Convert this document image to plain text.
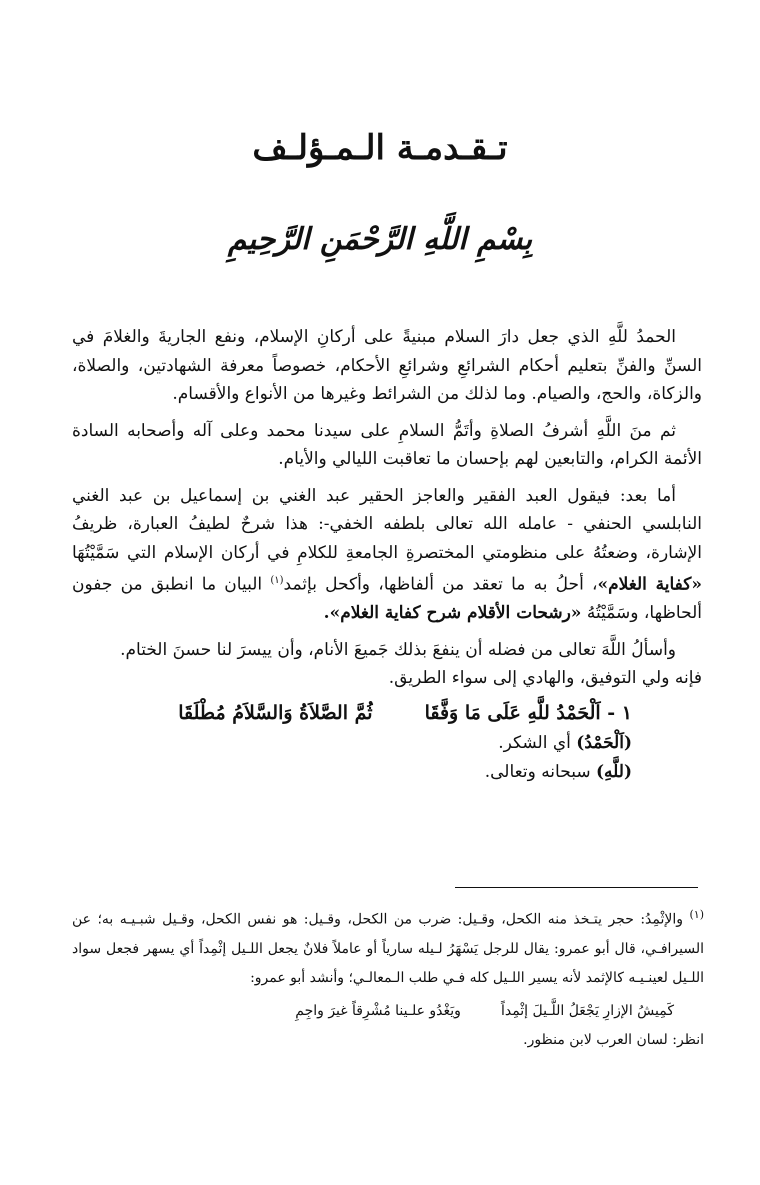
تـقـدمـة الـمـؤلـف
بِسْمِ اللَّهِ الرَّحْمَنِ الرَّحِيمِ

الحمدُ للَّهِ الذي جعل دارَ السلام مبنيةً على أركانِ الإسلام، ونفع الجاريةَ والغلامَ في السنِّ والفنِّ بتعليم أحكام الشرائعِ وشرائعِ الأحكام، خصوصاً معرفة الشهادتين، والصلاة، والزكاة، والحج، والصيام. وما لذلك من الشرائط وغيرها من الأنواع والأقسام.

ثم منَ اللَّهِ أشرفُ الصلاةِ وأتَمُّ السلامِ على سيدنا محمد وعلى آله وأصحابه السادة الأئمة الكرام، والتابعين لهم بإحسان ما تعاقبت الليالي والأيام.

أما بعد: فيقول العبد الفقير والعاجز الحقير عبد الغني بن إسماعيل بن عبد الغني النابلسي الحنفي - عامله الله تعالى بلطفه الخفي-: هذا شرحٌ لطيفُ العبارة، ظريفُ الإشارة، وضعتُهُ على منظومتي المختصرةِ الجامعةِ للكلامِ في أركان الإسلام التي سَمَّيْتُهَا «كفاية الغلام»، أحلُ به ما تعقد من ألفاظها، وأكحل بإثمد$^{(١)}$ البيان ما انطبق من جفون ألحاظها، وسَمَّيْتُهُ «رشحات الأقلام شرح كفاية الغلام».

وأسألُ اللَّهَ تعالى من فضله أن ينفعَ بذلك جَميعَ الأنام، وأن ييسرَ لنا حسنَ الختام.

فإنه ولي التوفيق، والهادي إلى سواء الطريق.

١ - اَلْحَمْدُ للَّهِ عَلَى مَا وَفَّقَا
ثُمَّ الصَّلاَةُ وَالسَّلاَمُ مُطْلَقَا

(اَلْحَمْدُ) أي الشكر.

(للَّهِ) سبحانه وتعالى.

$^{(١)}$ والإثْمِدُ: حجر يتـخذ منه الكحل، وقـيل: ضرب من الكحل، وقـيل: هو نفس الكحل، وقـيل شبـيـه به؛ عن السيرافـي، قال أبو عمرو: يقال للرجل يَسْهَرُ لـيله سارياً أو عاملاً فلانٌ يجعل اللـيل إثْمِداً أي يسهر فجعل سواد اللـيل لعينـيـه كالإثمد لأنه يسير اللـيل كله فـي طلب الـمعالـي؛ وأنشد أبو عمرو:

كَمِيشُ الإزارِ يَجْعَلُ اللَّـيلَ إثْمِداً
ويَغْدُو علـينا مُشْرِقاً غيرَ واجِمِ

انظر: لسان العرب لابن منظور.
